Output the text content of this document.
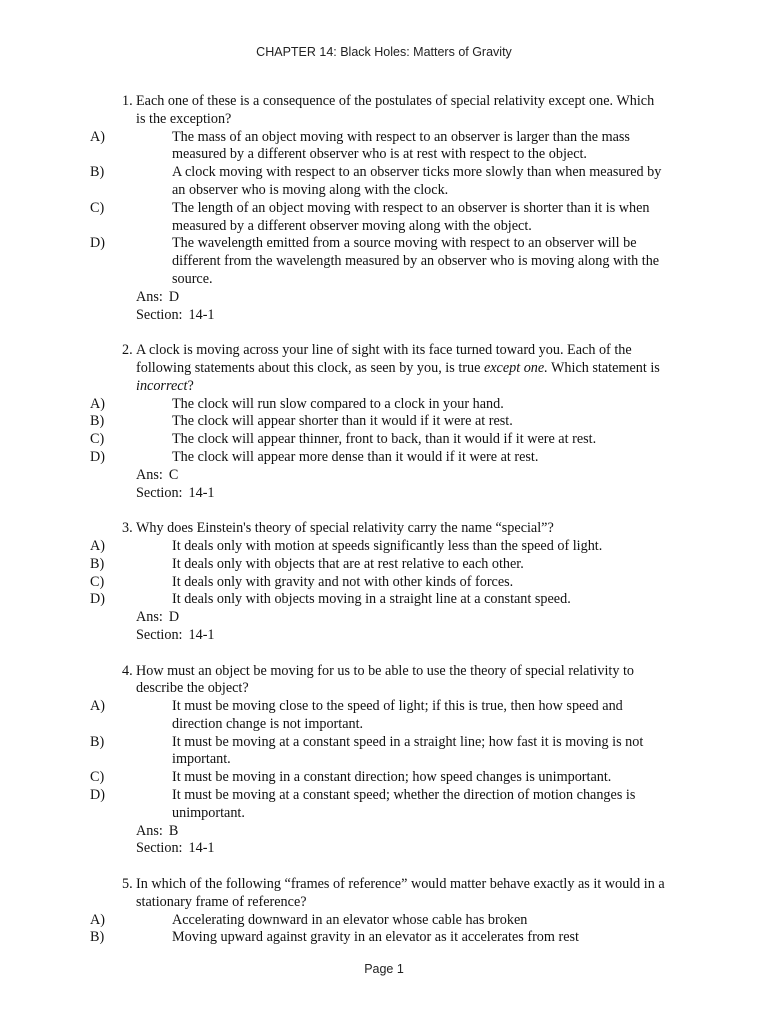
CHAPTER 14: Black Holes: Matters of Gravity
1. Each one of these is a consequence of the postulates of special relativity except one. Which is the exception?
A)	The mass of an object moving with respect to an observer is larger than the mass measured by a different observer who is at rest with respect to the object.
B)	A clock moving with respect to an observer ticks more slowly than when measured by an observer who is moving along with the clock.
C)	The length of an object moving with respect to an observer is shorter than it is when measured by a different observer moving along with the object.
D)	The wavelength emitted from a source moving with respect to an observer will be different from the wavelength measured by an observer who is moving along with the source.
Ans: D
Section: 14-1
2. A clock is moving across your line of sight with its face turned toward you. Each of the following statements about this clock, as seen by you, is true except one. Which statement is incorrect?
A)	The clock will run slow compared to a clock in your hand.
B)	The clock will appear shorter than it would if it were at rest.
C)	The clock will appear thinner, front to back, than it would if it were at rest.
D)	The clock will appear more dense than it would if it were at rest.
Ans: C
Section: 14-1
3. Why does Einstein's theory of special relativity carry the name “special”?
A)	It deals only with motion at speeds significantly less than the speed of light.
B)	It deals only with objects that are at rest relative to each other.
C)	It deals only with gravity and not with other kinds of forces.
D)	It deals only with objects moving in a straight line at a constant speed.
Ans: D
Section: 14-1
4. How must an object be moving for us to be able to use the theory of special relativity to describe the object?
A)	It must be moving close to the speed of light; if this is true, then how speed and direction change is not important.
B)	It must be moving at a constant speed in a straight line; how fast it is moving is not important.
C)	It must be moving in a constant direction; how speed changes is unimportant.
D)	It must be moving at a constant speed; whether the direction of motion changes is unimportant.
Ans: B
Section: 14-1
5. In which of the following “frames of reference” would matter behave exactly as it would in a stationary frame of reference?
A)	Accelerating downward in an elevator whose cable has broken
B)	Moving upward against gravity in an elevator as it accelerates from rest
Page 1
